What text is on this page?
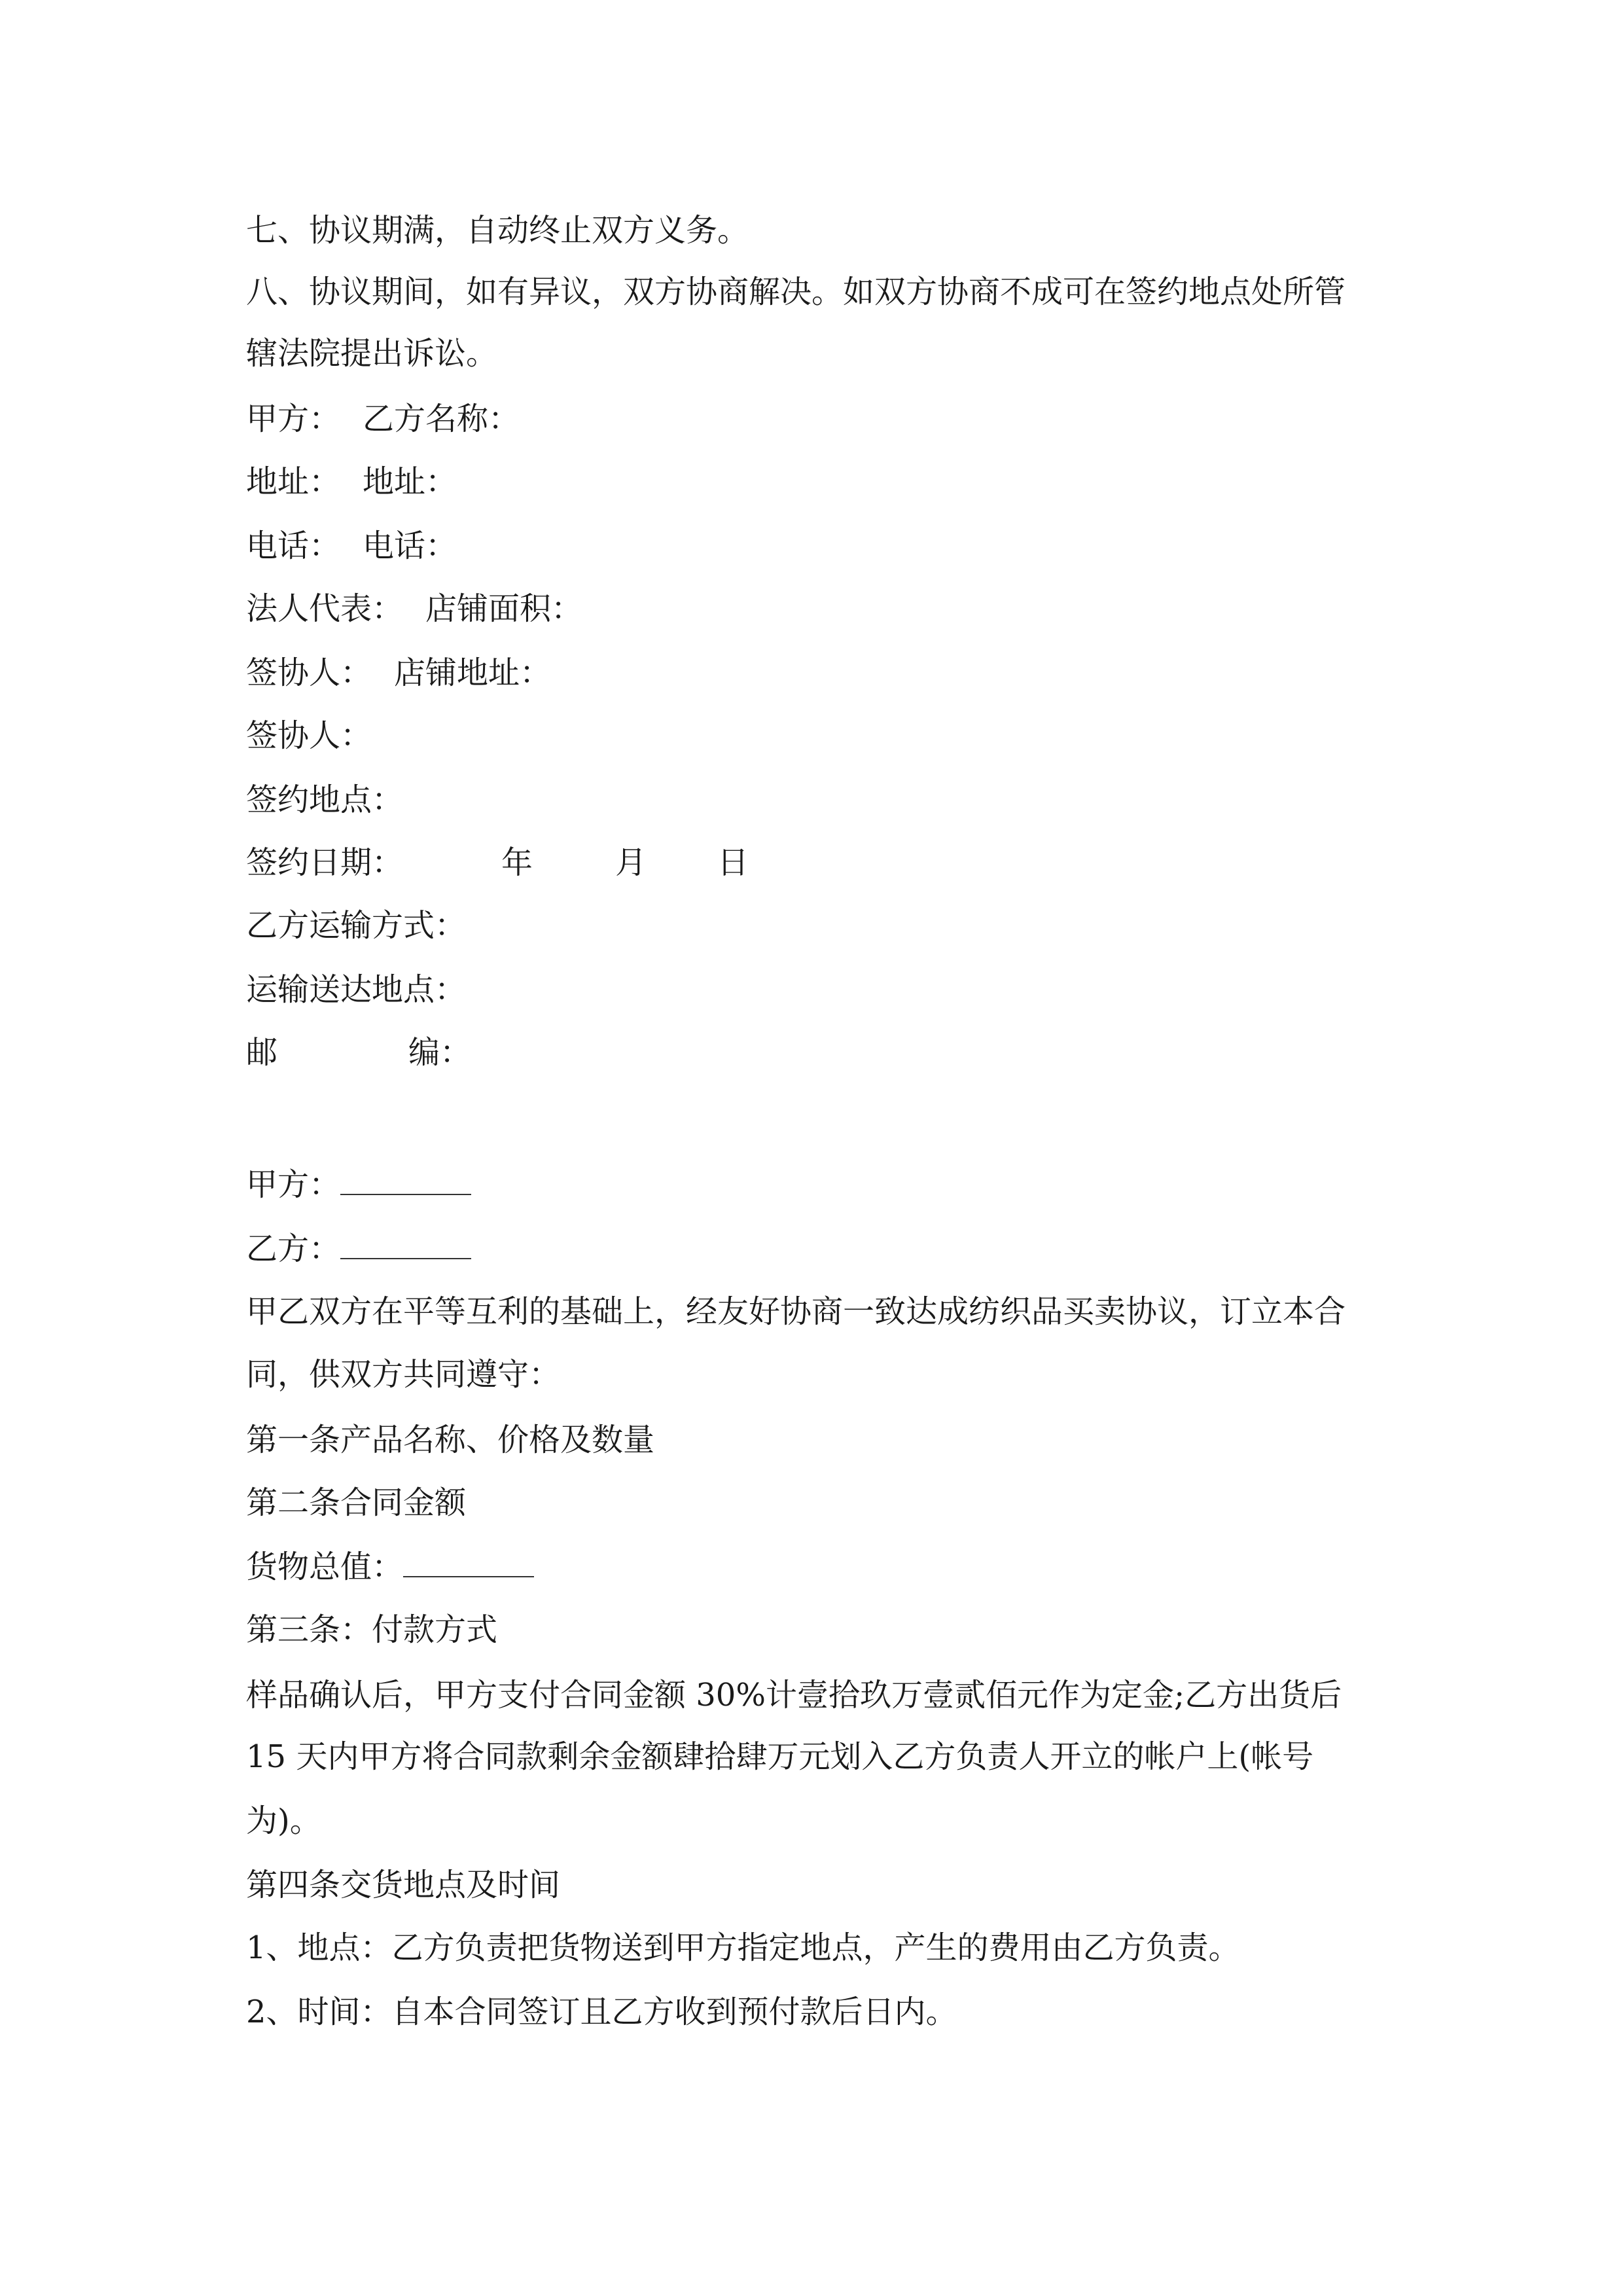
七、协议期满，自动终止双方义务。
八、协议期间，如有异议，双方协商解决。如双方协商不成可在签约地点处所管
辖法院提出诉讼。
甲方： 乙方名称：
地址： 地址：
电话： 电话：
法人代表： 店铺面积：
签协人： 店铺地址：
签协人：
签约地点：
签约日期：	年	月 日
乙方运输方式：
运输送达地点：
邮	编：
甲方：
乙方：
甲乙双方在平等互利的基础上，经友好协商一致达成纺织品买卖协议，订立本合
同，供双方共同遵守：
第一条产品名称、价格及数量
第二条合同金额
货物总值：
第三条：付款方式
样品确认后，甲方支付合同金额 30%计壹拾玖万壹贰佰元作为定金;乙方出货后
15 天内甲方将合同款剩余金额肆拾肆万元划入乙方负责人开立的帐户上(帐号
为)。
第四条交货地点及时间
1、地点：乙方负责把货物送到甲方指定地点，产生的费用由乙方负责。
2、时间：自本合同签订且乙方收到预付款后日内。
